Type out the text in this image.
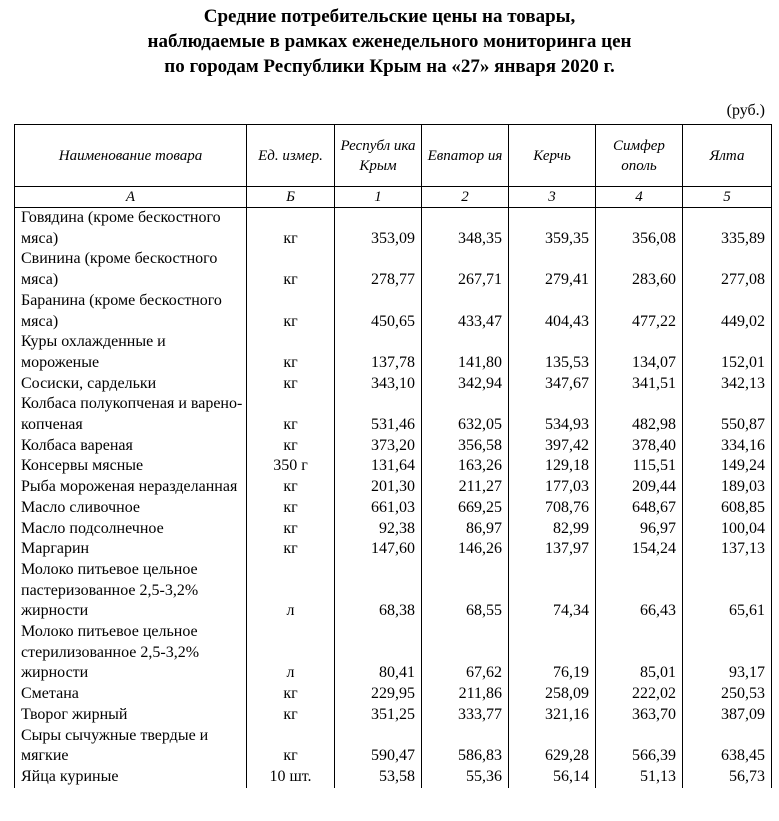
Средние потребительские цены на товары,
наблюдаемые в рамках еженедельного мониторинга цен
по городам Республики Крым на «27» января 2020 г.
(руб.)
Наименование товара	Ед. измер.	Республ ика Крым	Евпатор ия	Керчь	Симфер ополь	Ялта
А	Б	1	2	3	4	5
Говядина (кроме бескостного мяса)	кг	353,09	348,35	359,35	356,08	335,89
Свинина (кроме бескостного мяса)	кг	278,77	267,71	279,41	283,60	277,08
Баранина (кроме бескостного мяса)	кг	450,65	433,47	404,43	477,22	449,02
Куры охлажденные и мороженые	кг	137,78	141,80	135,53	134,07	152,01
Сосиски, сардельки	кг	343,10	342,94	347,67	341,51	342,13
Колбаса полукопченая и варено-копченая	кг	531,46	632,05	534,93	482,98	550,87
Колбаса вареная	кг	373,20	356,58	397,42	378,40	334,16
Консервы мясные	350 г	131,64	163,26	129,18	115,51	149,24
Рыба мороженая неразделанная	кг	201,30	211,27	177,03	209,44	189,03
Масло сливочное	кг	661,03	669,25	708,76	648,67	608,85
Масло подсолнечное	кг	92,38	86,97	82,99	96,97	100,04
Маргарин	кг	147,60	146,26	137,97	154,24	137,13
Молоко питьевое цельное пастеризованное 2,5-3,2% жирности	л	68,38	68,55	74,34	66,43	65,61
Молоко питьевое цельное стерилизованное 2,5-3,2% жирности	л	80,41	67,62	76,19	85,01	93,17
Сметана	кг	229,95	211,86	258,09	222,02	250,53
Творог жирный	кг	351,25	333,77	321,16	363,70	387,09
Сыры сычужные твердые и мягкие	кг	590,47	586,83	629,28	566,39	638,45
Яйца куриные	10 шт.	53,58	55,36	56,14	51,13	56,73
